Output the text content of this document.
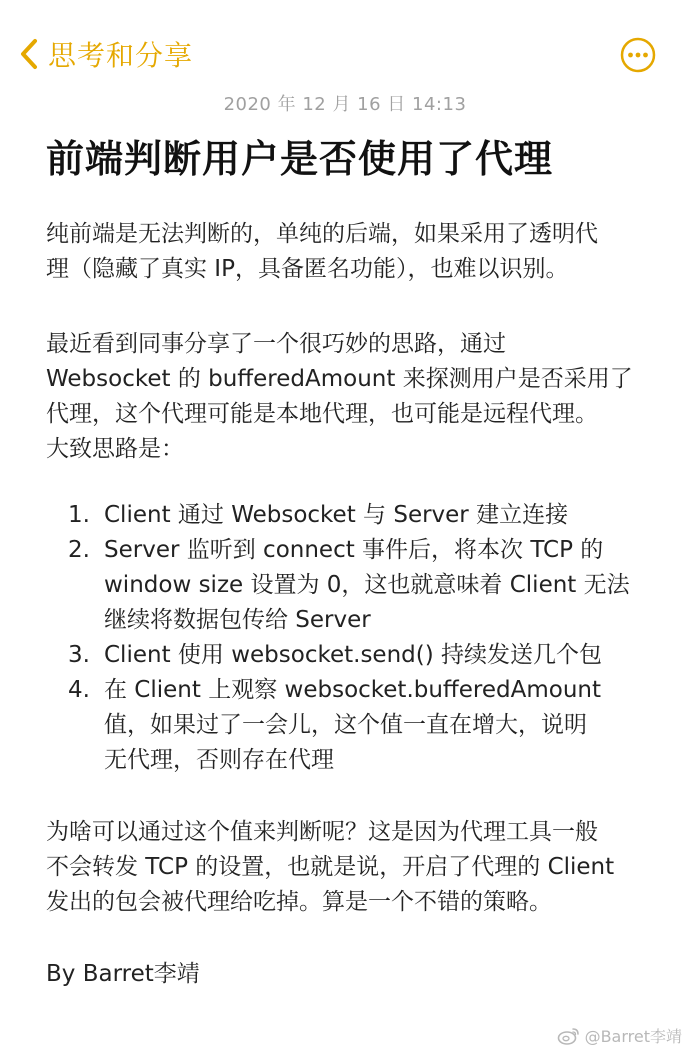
思考和分享
2020 年 12 月 16 日 14:13
前端判断用户是否使用了代理
纯前端是无法判断的，单纯的后端，如果采用了透明代
理（隐藏了真实 IP，具备匿名功能），也难以识别。
最近看到同事分享了一个很巧妙的思路，通过
Websocket 的 bufferedAmount 来探测用户是否采用了
代理，这个代理可能是本地代理，也可能是远程代理。
大致思路是：
1. Client 通过 Websocket 与 Server 建立连接
2. Server 监听到 connect 事件后，将本次 TCP 的
window size 设置为 0，这也就意味着 Client 无法
继续将数据包传给 Server
3. Client 使用 websocket.send() 持续发送几个包
4. 在 Client 上观察 websocket.bufferedAmount
值，如果过了一会儿，这个值一直在增大，说明
无代理，否则存在代理
为啥可以通过这个值来判断呢？这是因为代理工具一般
不会转发 TCP 的设置，也就是说，开启了代理的 Client
发出的包会被代理给吃掉。算是一个不错的策略。
By Barret李靖
@Barret李靖
